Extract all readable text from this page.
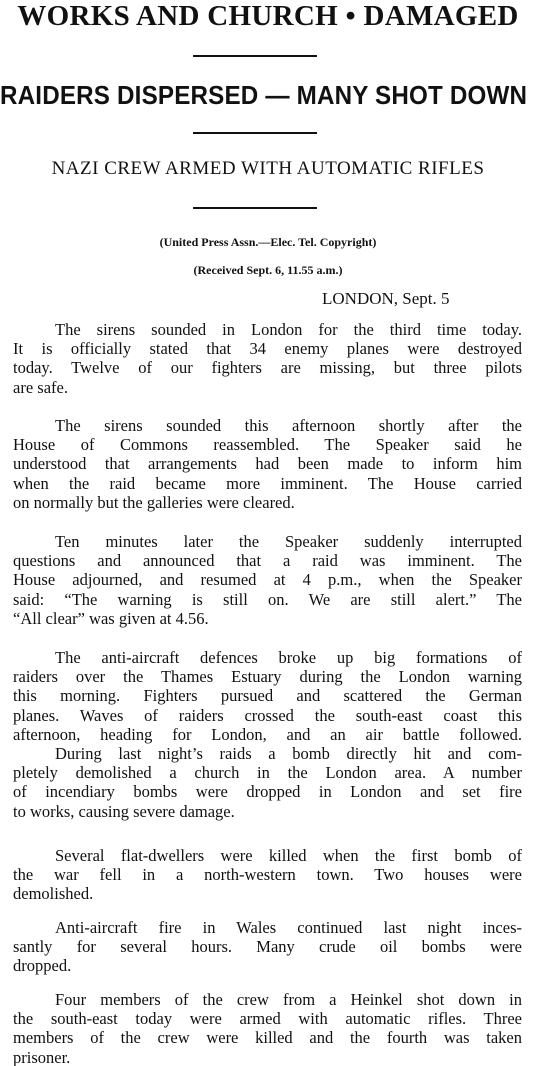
WORKS AND CHURCH • DAMAGED
RAIDERS DISPERSED — MANY SHOT DOWN
NAZI CREW ARMED WITH AUTOMATIC RIFLES
(United Press Assn.—Elec. Tel. Copyright)
(Received Sept. 6, 11.55 a.m.)
LONDON, Sept. 5
The sirens sounded in London for the third time today.
It is officially stated that 34 enemy planes were destroyed
today. Twelve of our fighters are missing, but three pilots
are safe.
The sirens sounded this afternoon shortly after the
House of Commons reassembled. The Speaker said he
understood that arrangements had been made to inform him
when the raid became more imminent. The House carried
on normally but the galleries were cleared.
Ten minutes later the Speaker suddenly interrupted
questions and announced that a raid was imminent. The
House adjourned, and resumed at 4 p.m., when the Speaker
said: “The warning is still on. We are still alert.” The
“All clear” was given at 4.56.
The anti-aircraft defences broke up big formations of
raiders over the Thames Estuary during the London warning
this morning. Fighters pursued and scattered the German
planes. Waves of raiders crossed the south-east coast this
afternoon, heading for London, and an air battle followed.
During last night’s raids a bomb directly hit and com-
pletely demolished a church in the London area. A number
of incendiary bombs were dropped in London and set fire
to works, causing severe damage.
Several flat-dwellers were killed when the first bomb of
the war fell in a north-western town. Two houses were
demolished.
Anti-aircraft fire in Wales continued last night inces-
santly for several hours. Many crude oil bombs were
dropped.
Four members of the crew from a Heinkel shot down in
the south-east today were armed with automatic rifles. Three
members of the crew were killed and the fourth was taken
prisoner.
